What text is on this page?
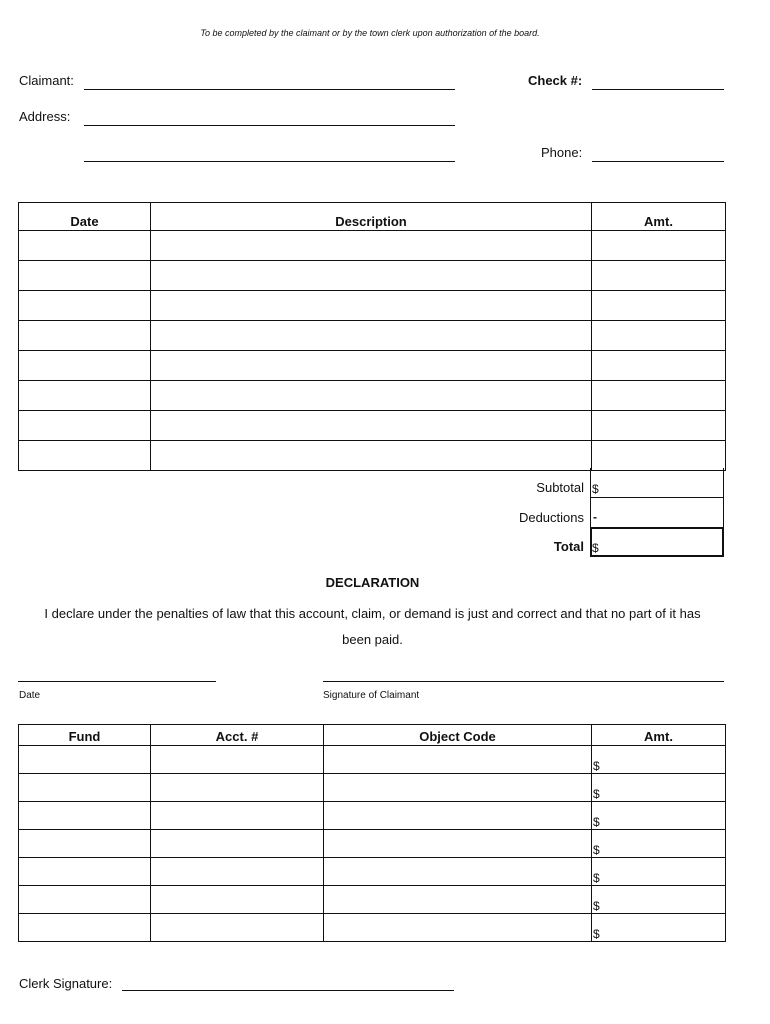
To be completed by the claimant or by the town clerk upon authorization of the board.
Claimant:	Check #:
Address:
Phone:
Date	Description	Amt.

Subtotal $
Deductions -
Total $
DECLARATION
I declare under the penalties of law that this account, claim, or demand is just and correct and that no part of it has been paid.
Date	Signature of Claimant
Fund	Acct. #	Object Code	Amt.
			$
			$
			$
			$
			$
			$
			$
Clerk Signature:
